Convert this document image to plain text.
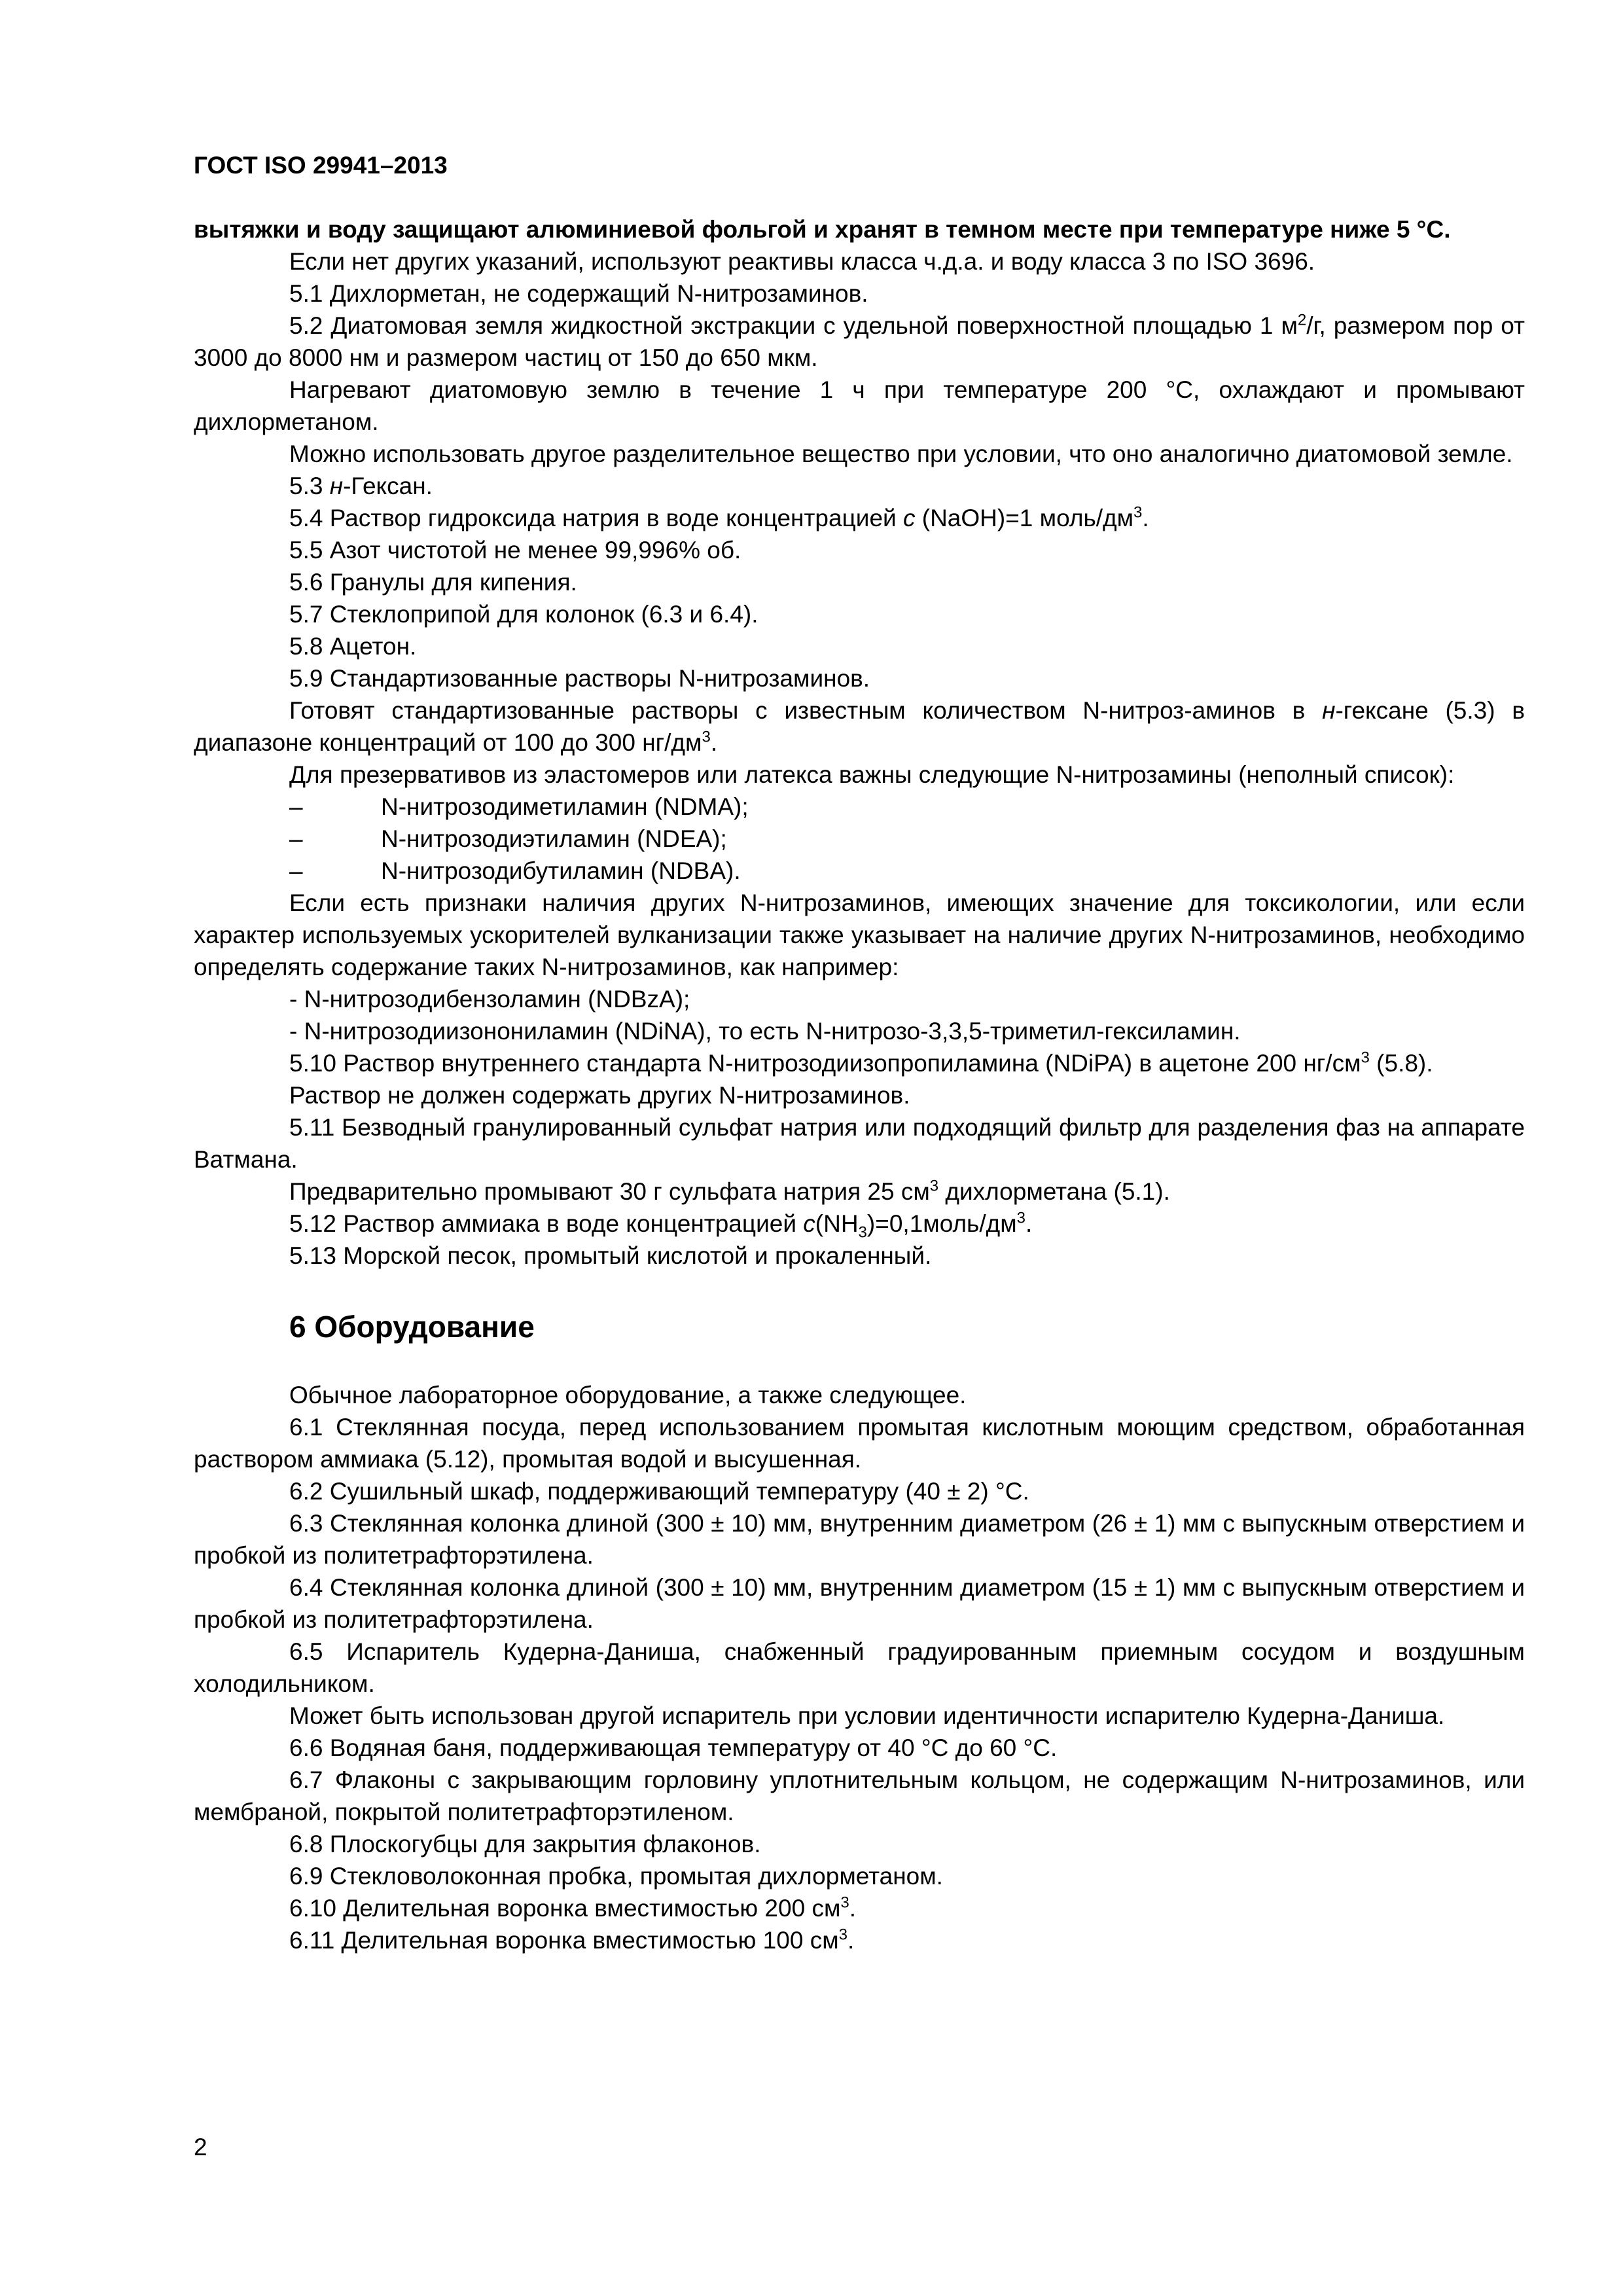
ГОСТ ISO 29941–2013

вытяжки и воду защищают алюминиевой фольгой и хранят в темном месте при температуре ниже 5 °С.

Если нет других указаний, используют реактивы класса ч.д.а. и воду класса 3 по ISO 3696.

5.1 Дихлорметан, не содержащий N-нитрозаминов.

5.2 Диатомовая земля жидкостной экстракции с удельной поверхностной площадью 1 $м^2/г$, размером пор от 3000 до 8000 нм и размером частиц от 150 до 650 мкм.

Нагревают диатомовую землю в течение 1 ч при температуре 200 °С, охлаждают и промывают дихлорметаном.

Можно использовать другое разделительное вещество при условии, что оно аналогично диатомовой земле.

5.3 н-Гексан.

5.4 Раствор гидроксида натрия в воде концентрацией с (NaOH)=1 моль/$дм^3$.

5.5 Азот чистотой не менее 99,996% об.

5.6 Гранулы для кипения.

5.7 Стеклоприпой для колонок (6.3 и 6.4).

5.8 Ацетон.

5.9 Стандартизованные растворы N-нитрозаминов.

Готовят стандартизованные растворы с известным количеством N-нитроз-аминов в н-гексане (5.3) в диапазоне концентраций от 100 до 300 $нг/дм^3$.

Для презервативов из эластомеров или латекса важны следующие N-нитрозамины (неполный список):

–	N-нитрозодиметиламин (NDMA);
–	N-нитрозодиэтиламин (NDEA);
–	N-нитрозодибутиламин (NDBA).

Если есть признаки наличия других N-нитрозаминов, имеющих значение для токсикологии, или если характер используемых ускорителей вулканизации также указывает на наличие других N-нитрозаминов, необходимо определять содержание таких N-нитрозаминов, как например:

- N-нитрозодибензоламин (NDBzA);

- N-нитрозодиизонониламин (NDiNA), то есть N-нитрозо-3,3,5-триметил-гексиламин.

5.10 Раствор внутреннего стандарта N-нитрозодиизопропиламина (NDiPA) в ацетоне 200 $нг/см^3$ (5.8).

Раствор не должен содержать других N-нитрозаминов.

5.11 Безводный гранулированный сульфат натрия или подходящий фильтр для разделения фаз на аппарате Ватмана.

Предварительно промывают 30 г сульфата натрия 25 $см^3$ дихлорметана (5.1).

5.12 Раствор аммиака в воде концентрацией $с(NH_3)=0,1моль/дм^3$.

5.13 Морской песок, промытый кислотой и прокаленный.

6 Оборудование

Обычное лабораторное оборудование, а также следующее.

6.1 Стеклянная посуда, перед использованием промытая кислотным моющим средством, обработанная раствором аммиака (5.12), промытая водой и высушенная.

6.2 Сушильный шкаф, поддерживающий температуру (40 ± 2) °С.

6.3 Стеклянная колонка длиной (300 ± 10) мм, внутренним диаметром (26 ± 1) мм с выпускным отверстием и пробкой из политетрафторэтилена.

6.4 Стеклянная колонка длиной (300 ± 10) мм, внутренним диаметром (15 ± 1) мм с выпускным отверстием и пробкой из политетрафторэтилена.

6.5 Испаритель Кудерна-Даниша, снабженный градуированным приемным сосудом и воздушным холодильником.

Может быть использован другой испаритель при условии идентичности испарителю Кудерна-Даниша.

6.6 Водяная баня, поддерживающая температуру от 40 °С до 60 °С.

6.7 Флаконы с закрывающим горловину уплотнительным кольцом, не содержащим N-нитрозаминов, или мембраной, покрытой политетрафторэтиленом.

6.8 Плоскогубцы для закрытия флаконов.

6.9 Стекловолоконная пробка, промытая дихлорметаном.

6.10 Делительная воронка вместимостью 200 $см^3$.

6.11 Делительная воронка вместимостью 100 $см^3$.

2
